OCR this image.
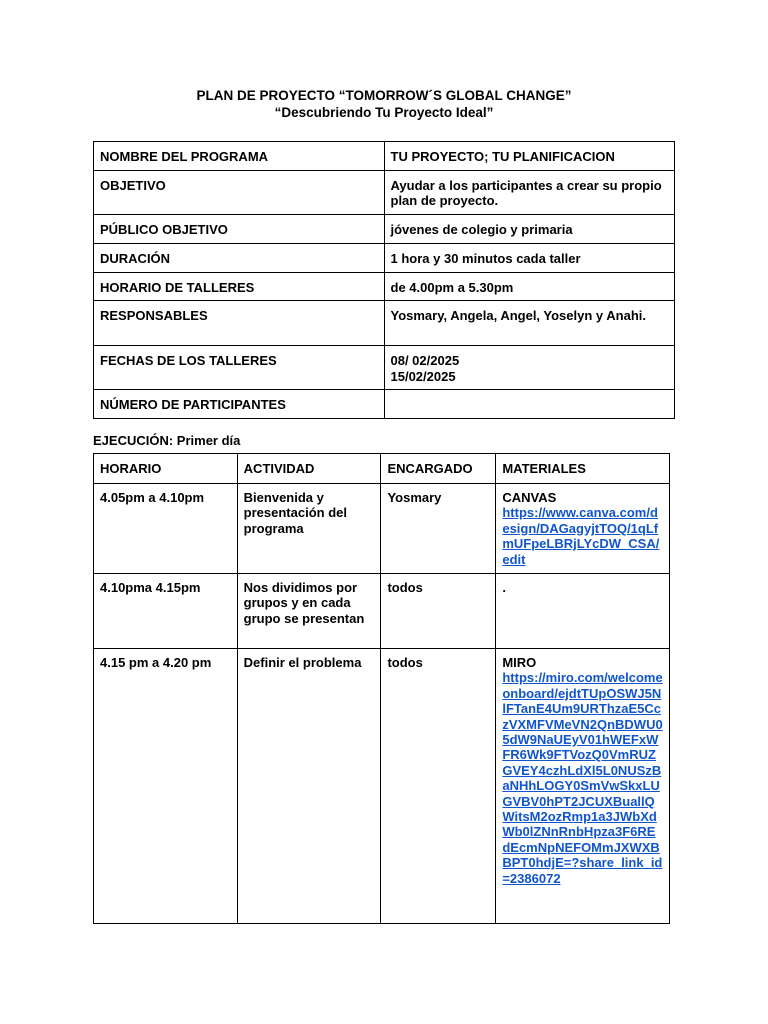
PLAN DE PROYECTO “TOMORROW´S GLOBAL CHANGE”
“Descubriendo Tu Proyecto Ideal”
NOMBRE DEL PROGRAMA	TU PROYECTO; TU PLANIFICACION
OBJETIVO	Ayudar a los participantes a crear su propio plan de proyecto.
PÚBLICO OBJETIVO	jóvenes de colegio y primaria
DURACIÓN	1 hora y 30 minutos cada taller
HORARIO DE TALLERES	de 4.00pm a 5.30pm
RESPONSABLES	Yosmary, Angela, Angel, Yoselyn y Anahi.
FECHAS DE LOS TALLERES	08/ 02/2025
15/02/2025

NÚMERO DE PARTICIPANTES	
EJECUCIÓN: Primer día
HORARIO	ACTIVIDAD	ENCARGADO	MATERIALES
4.05pm a 4.10pm	Bienvenida y presentación del programa	Yosmary	CANVAS
https://www.canva.com/design/DAGagyjtTOQ/1qLfmUFpeLBRjLYcDW_CSA/edit

4.10pma 4.15pm	Nos dividimos por grupos y en cada grupo se presentan	todos	.

4.15 pm a 4.20 pm	Definir el problema	todos	MIRO
https://miro.com/welcomeonboard/ejdtTUpOSWJ5NlFTanE4Um9URThzaE5CczVXMFVMeVN2QnBDWU05dW9NaUEyV01hWEFxWFR6Wk9FTVozQ0VmRUZGVEY4czhLdXl5L0NUSzBaNHhLOGY0SmVwSkxLUGVBV0hPT2JCUXBuallQWitsM2ozRmp1a3JWbXdWb0lZNnRnbHpza3F6REdEcmNpNEFOMmJXWXBBPT0hdjE=?share_link_id=2386072
